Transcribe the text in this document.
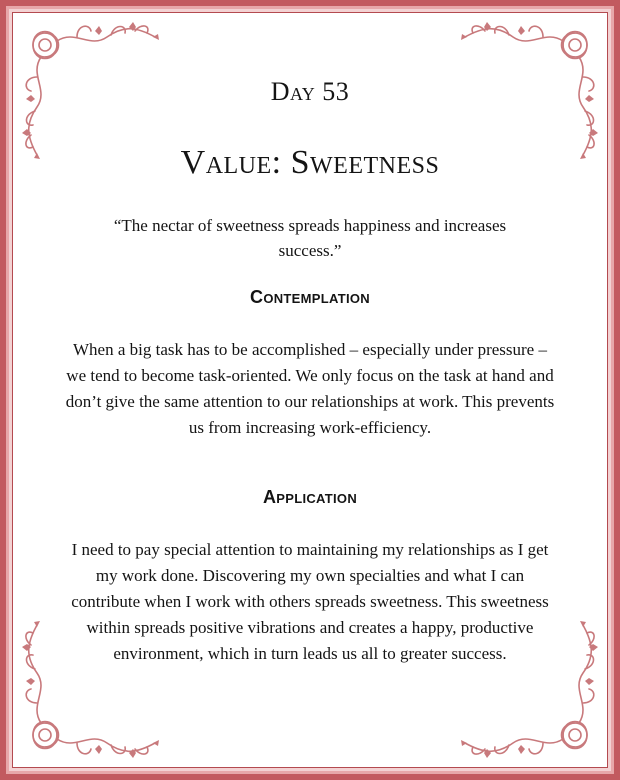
Day 53
Value: Sweetness
“The nectar of sweetness spreads happiness and increases success.”
Contemplation
When a big task has to be accomplished – especially under pressure – we tend to become task-oriented. We only focus on the task at hand and don’t give the same attention to our relationships at work. This prevents us from increasing work-efficiency.
Application
I need to pay special attention to maintaining my relationships as I get my work done. Discovering my own specialties and what I can contribute when I work with others spreads sweetness. This sweetness within spreads positive vibrations and creates a happy, productive environment, which in turn leads us all to greater success.
